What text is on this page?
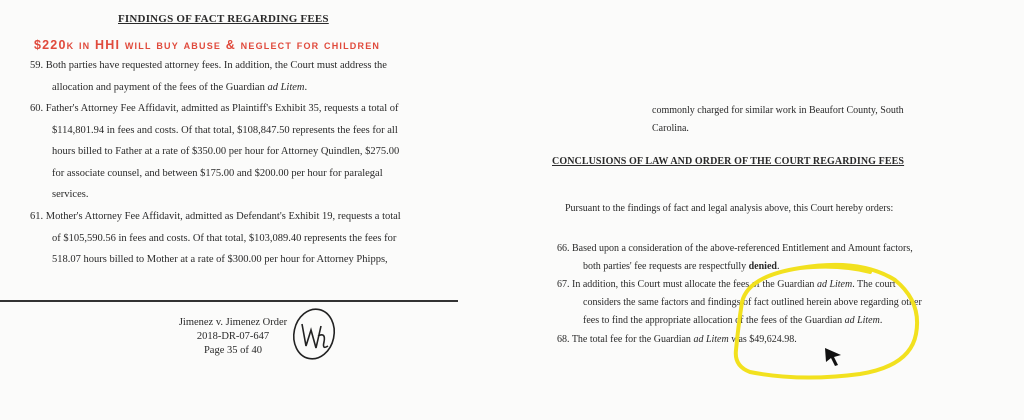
FINDINGS OF FACT REGARDING FEES
$220k in HHI will buy abuse & neglect for children
59. Both parties have requested attorney fees. In addition, the Court must address the
allocation and payment of the fees of the Guardian ad Litem.
60. Father's Attorney Fee Affidavit, admitted as Plaintiff's Exhibit 35, requests a total of
$114,801.94 in fees and costs. Of that total, $108,847.50 represents the fees for all
hours billed to Father at a rate of $350.00 per hour for Attorney Quindlen, $275.00
for associate counsel, and between $175.00 and $200.00 per hour for paralegal
services.
61. Mother's Attorney Fee Affidavit, admitted as Defendant's Exhibit 19, requests a total
of $105,590.56 in fees and costs. Of that total, $103,089.40 represents the fees for
518.07 hours billed to Mother at a rate of $300.00 per hour for Attorney Phipps,
Jimenez v. Jimenez Order
2018-DR-07-647
Page 35 of 40
commonly charged for similar work in Beaufort County, South
Carolina.
CONCLUSIONS OF LAW AND ORDER OF THE COURT REGARDING FEES
Pursuant to the findings of fact and legal analysis above, this Court hereby orders:
66. Based upon a consideration of the above-referenced Entitlement and Amount factors,
both parties' fee requests are respectfully denied.
67. In addition, this Court must allocate the fees of the Guardian ad Litem. The court
considers the same factors and findings of fact outlined herein above regarding other
fees to find the appropriate allocation of the fees of the Guardian ad Litem.
68. The total fee for the Guardian ad Litem was $49,624.98.
